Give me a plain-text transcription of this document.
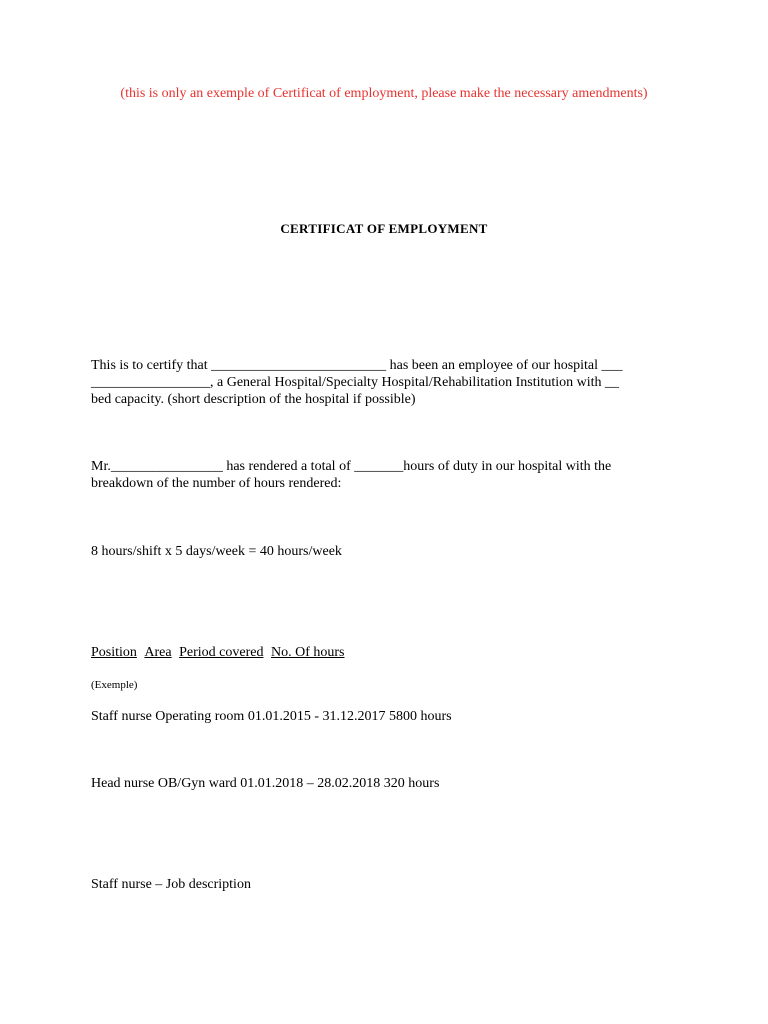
(this is only an exemple of Certificat of employment, please make the necessary amendments)
CERTIFICAT OF EMPLOYMENT
This is to certify that _________________________ has been an employee of our hospital ___
_________________, a General Hospital/Specialty Hospital/Rehabilitation Institution with __
bed capacity. (short description of the hospital if possible)
Mr.________________ has rendered a total of _______hours of duty in our hospital with the
breakdown of the number of hours rendered:
8 hours/shift x 5 days/week = 40 hours/week
Position Area Period covered No. Of hours
(Exemple)
Staff nurse Operating room 01.01.2015 - 31.12.2017 5800 hours
Head nurse OB/Gyn ward 01.01.2018 – 28.02.2018 320 hours
Staff nurse – Job description
